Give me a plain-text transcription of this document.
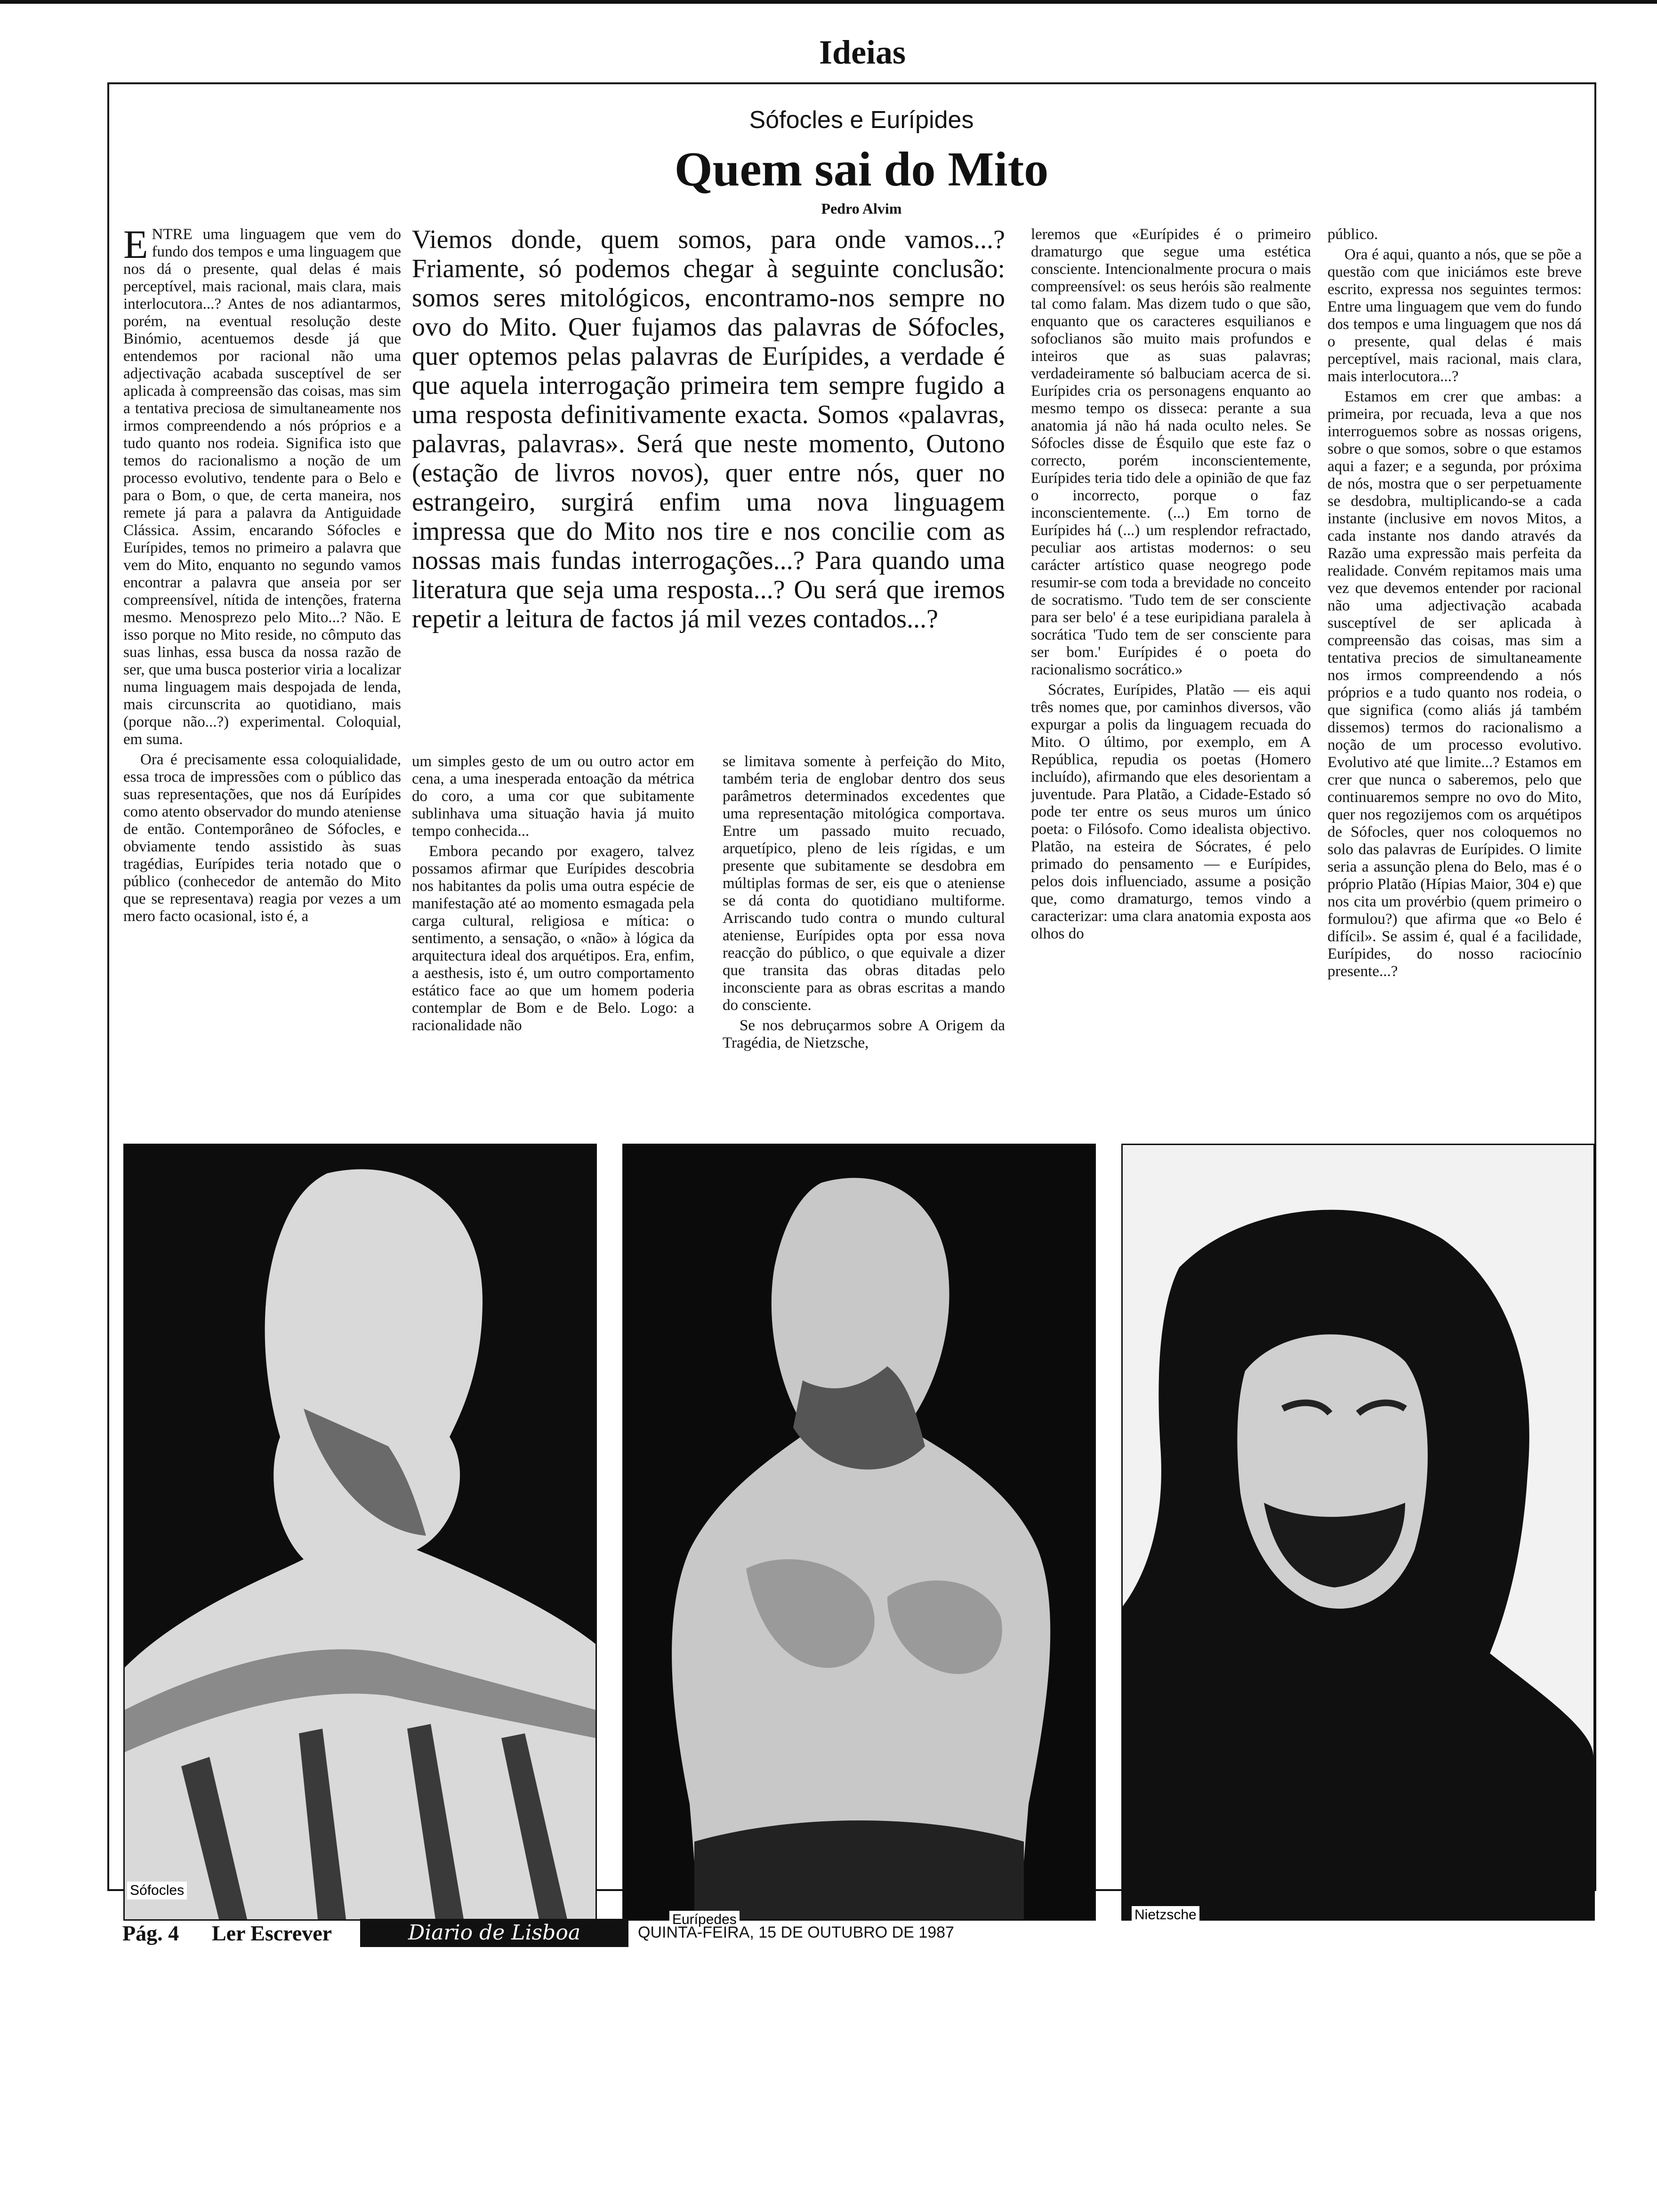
Ideias
Sófocles e Eurípides
Quem sai do Mito
Pedro Alvim

ENTRE uma linguagem que vem do fundo dos tempos e uma linguagem que nos dá o presente, qual delas é mais perceptível, mais racional, mais clara, mais interlocutora...? Antes de nos adiantarmos, porém, na eventual resolução deste Binómio, acentuemos desde já que entendemos por racional não uma adjectivação acabada susceptível de ser aplicada à compreensão das coisas, mas sim a tentativa preciosa de simultaneamente nos irmos compreendendo a nós próprios e a tudo quanto nos rodeia. Significa isto que temos do racionalismo a noção de um processo evolutivo, tendente para o Belo e para o Bom, o que, de certa maneira, nos remete já para a palavra da Antiguidade Clássica. Assim, encarando Sófocles e Eurípides, temos no primeiro a palavra que vem do Mito, enquanto no segundo vamos encontrar a palavra que anseia por ser compreensível, nítida de intenções, fraterna mesmo. Menosprezo pelo Mito...? Não. E isso porque no Mito reside, no cômputo das suas linhas, essa busca da nossa razão de ser, que uma busca posterior viria a localizar numa linguagem mais despojada de lenda, mais circunscrita ao quotidiano, mais (porque não...?) experimental. Coloquial, em suma.

Ora é precisamente essa coloquialidade, essa troca de impressões com o público das suas representações, que nos dá Eurípides como atento observador do mundo ateniense de então. Contemporâneo de Sófocles, e obviamente tendo assistido às suas tragédias, Eurípides teria notado que o público (conhecedor de antemão do Mito que se representava) reagia por vezes a um mero facto ocasional, isto é, a

Viemos donde, quem somos, para onde vamos...? Friamente, só podemos chegar à seguinte conclusão: somos seres mitológicos, encontramo-nos sempre no ovo do Mito. Quer fujamos das palavras de Sófocles, quer optemos pelas palavras de Eurípides, a verdade é que aquela interrogação primeira tem sempre fugido a uma resposta definitivamente exacta. Somos «palavras, palavras, palavras». Será que neste momento, Outono (estação de livros novos), quer entre nós, quer no estrangeiro, surgirá enfim uma nova linguagem impressa que do Mito nos tire e nos concilie com as nossas mais fundas interrogações...? Para quando uma literatura que seja uma resposta...? Ou será que iremos repetir a leitura de factos já mil vezes contados...?

um simples gesto de um ou outro actor em cena, a uma inesperada entoação da métrica do coro, a uma cor que subitamente sublinhava uma situação havia já muito tempo conhecida...

Embora pecando por exagero, talvez possamos afirmar que Eurípides descobria nos habitantes da polis uma outra espécie de manifestação até ao momento esmagada pela carga cultural, religiosa e mítica: o sentimento, a sensação, o «não» à lógica da arquitectura ideal dos arquétipos. Era, enfim, a aesthesis, isto é, um outro comportamento estático face ao que um homem poderia contemplar de Bom e de Belo. Logo: a racionalidade não

se limitava somente à perfeição do Mito, também teria de englobar dentro dos seus parâmetros determinados excedentes que uma representação mitológica comportava. Entre um passado muito recuado, arquetípico, pleno de leis rígidas, e um presente que subitamente se desdobra em múltiplas formas de ser, eis que o ateniense se dá conta do quotidiano multiforme. Arriscando tudo contra o mundo cultural ateniense, Eurípides opta por essa nova reacção do público, o que equivale a dizer que transita das obras ditadas pelo inconsciente para as obras escritas a mando do consciente.

Se nos debruçarmos sobre A Origem da Tragédia, de Nietzsche,

leremos que «Eurípides é o primeiro dramaturgo que segue uma estética consciente. Intencionalmente procura o mais compreensível: os seus heróis são realmente tal como falam. Mas dizem tudo o que são, enquanto que os caracteres esquilianos e sofoclianos são muito mais profundos e inteiros que as suas palavras; verdadeiramente só balbuciam acerca de si. Eurípides cria os personagens enquanto ao mesmo tempo os disseca: perante a sua anatomia já não há nada oculto neles. Se Sófocles disse de Ésquilo que este faz o correcto, porém inconscientemente, Eurípides teria tido dele a opinião de que faz o incorrecto, porque o faz inconscientemente. (...) Em torno de Eurípides há (...) um resplendor refractado, peculiar aos artistas modernos: o seu carácter artístico quase neogrego pode resumir-se com toda a brevidade no conceito de socratismo. 'Tudo tem de ser consciente para ser belo' é a tese euripidiana paralela à socrática 'Tudo tem de ser consciente para ser bom.' Eurípides é o poeta do racionalismo socrático.»

Sócrates, Eurípides, Platão — eis aqui três nomes que, por caminhos diversos, vão expurgar a polis da linguagem recuada do Mito. O último, por exemplo, em A República, repudia os poetas (Homero incluído), afirmando que eles desorientam a juventude. Para Platão, a Cidade-Estado só pode ter entre os seus muros um único poeta: o Filósofo. Como idealista objectivo. Platão, na esteira de Sócrates, é pelo primado do pensamento — e Eurípides, pelos dois influenciado, assume a posição que, como dramaturgo, temos vindo a caracterizar: uma clara anatomia exposta aos olhos do

público.

Ora é aqui, quanto a nós, que se põe a questão com que iniciámos este breve escrito, expressa nos seguintes termos: Entre uma linguagem que vem do fundo dos tempos e uma linguagem que nos dá o presente, qual delas é mais perceptível, mais racional, mais clara, mais interlocutora...?

Estamos em crer que ambas: a primeira, por recuada, leva a que nos interroguemos sobre as nossas origens, sobre o que somos, sobre o que estamos aqui a fazer; e a segunda, por próxima de nós, mostra que o ser perpetuamente se desdobra, multiplicando-se a cada instante (inclusive em novos Mitos, a cada instante nos dando através da Razão uma expressão mais perfeita da realidade. Convém repitamos mais uma vez que devemos entender por racional não uma adjectivação acabada susceptível de ser aplicada à compreensão das coisas, mas sim a tentativa precios de simultaneamente nos irmos compreendendo a nós próprios e a tudo quanto nos rodeia, o que significa (como aliás já também dissemos) termos do racionalismo a noção de um processo evolutivo. Evolutivo até que limite...? Estamos em crer que nunca o saberemos, pelo que continuaremos sempre no ovo do Mito, quer nos regozijemos com os arquétipos de Sófocles, quer nos coloquemos no solo das palavras de Eurípides. O limite seria a assunção plena do Belo, mas é o próprio Platão (Hípias Maior, 304 e) que nos cita um provérbio (quem primeiro o formulou?) que afirma que «o Belo é difícil». Se assim é, qual é a facilidade, Eurípides, do nosso raciocínio presente...?

Sófocles
Eurípedes	Nietzsche
Pág. 4 Ler Escrever	Diario de Lisboa	QUINTA-FEIRA, 15 DE OUTUBRO DE 1987
